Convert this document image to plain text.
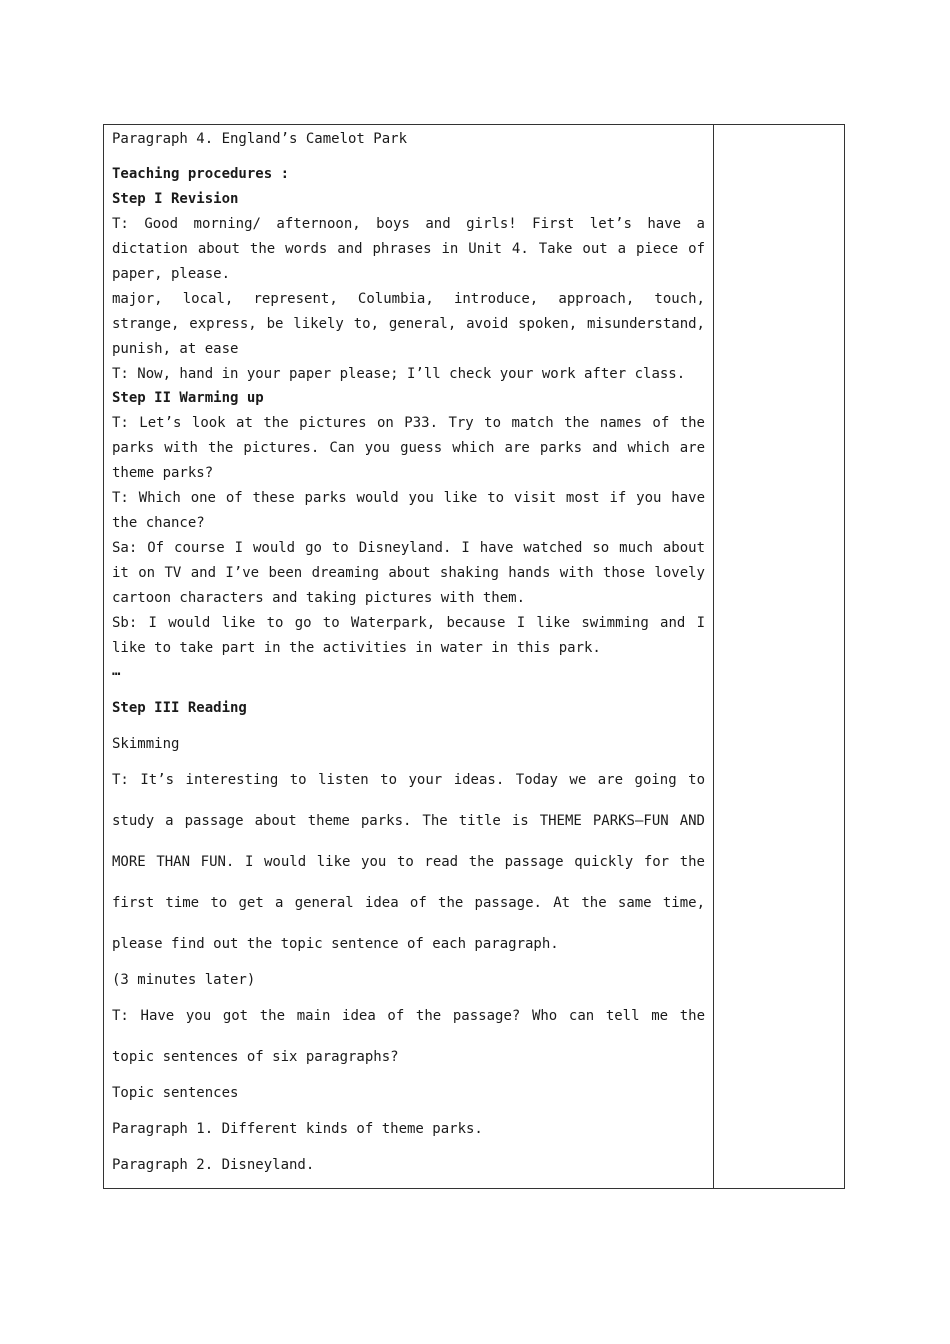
Paragraph 4. England’s Camelot Park
Teaching procedures :
Step I Revision
T: Good morning/ afternoon, boys and girls! First let’s have a
dictation about the words and phrases in Unit 4. Take out a piece of
paper, please.
major, local, represent, Columbia, introduce, approach, touch,
strange, express, be likely to, general, avoid spoken, misunderstand,
punish, at ease
T: Now, hand in your paper please; I’ll check your work after class.
Step II Warming up
T: Let’s look at the pictures on P33. Try to match the names of the
parks with the pictures. Can you guess which are parks and which are
theme parks?
T: Which one of these parks would you like to visit most if you have
the chance?
Sa: Of course I would go to Disneyland. I have watched so much about
it on TV and I’ve been dreaming about shaking hands with those lovely
cartoon characters and taking pictures with them.
Sb: I would like to go to Waterpark, because I like swimming and I
like to take part in the activities in water in this park.
…
Step III Reading
Skimming
T: It’s interesting to listen to your ideas. Today we are going to
study a passage about theme parks. The title is THEME PARKS—FUN AND
MORE THAN FUN. I would like you to read the passage quickly for the
first time to get a general idea of the passage. At the same time,
please find out the topic sentence of each paragraph.
(3 minutes later)
T: Have you got the main idea of the passage? Who can tell me the
topic sentences of six paragraphs?
Topic sentences
Paragraph 1. Different kinds of theme parks.
Paragraph 2. Disneyland.
